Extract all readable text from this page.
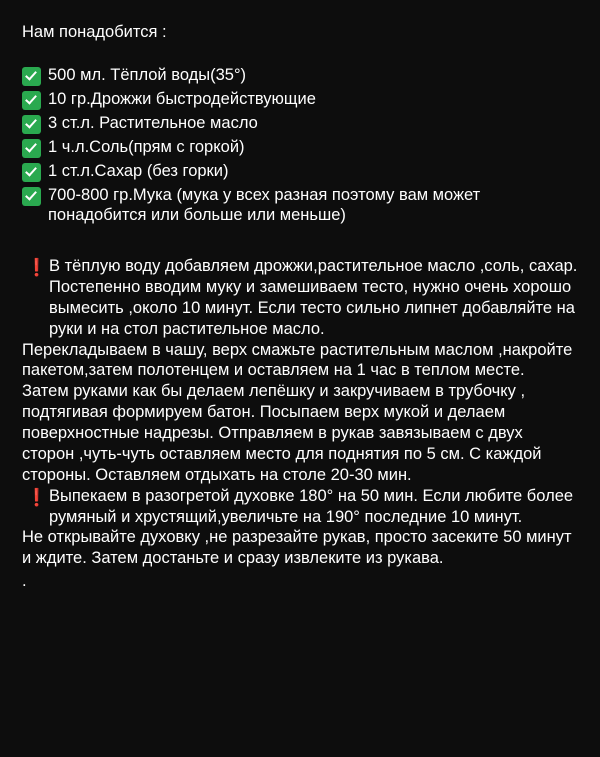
Нам понадобится :

500 мл. Тёплой воды(35°)
10 гр.Дрожжи быстродействующие
3 ст.л. Растительное масло
1 ч.л.Соль(прям с горкой)
1 ст.л.Сахар (без горки)
700-800 гр.Мука (мука у всех разная поэтому вам может понадобится или больше или меньше)
❗ В тёплую воду добавляем дрожжи,растительное масло ,соль, сахар. Постепенно вводим муку и замешиваем тесто, нужно очень хорошо вымесить ,около 10 минут. Если тесто сильно липнет добавляйте на руки и на стол растительное масло.

Перекладываем в чашу, верх смажьте растительным маслом ,накройте пакетом,затем полотенцем и оставляем на 1 час в теплом месте.

Затем руками как бы делаем лепёшку и закручиваем в трубочку , подтягивая формируем батон. Посыпаем верх мукой и делаем поверхностные надрезы. Отправляем в рукав завязываем с двух сторон ,чуть-чуть оставляем место для поднятия по 5 см. С каждой стороны. Оставляем отдыхать на столе 20-30 мин.

❗ Выпекаем в разогретой духовке 180° на 50 мин. Если любите более румяный и хрустящий,увеличьте на 190° последние 10 минут.

Не открывайте духовку ,не разрезайте рукав, просто засеките 50 минут и ждите. Затем достаньте и сразу извлеките из рукава.

.
